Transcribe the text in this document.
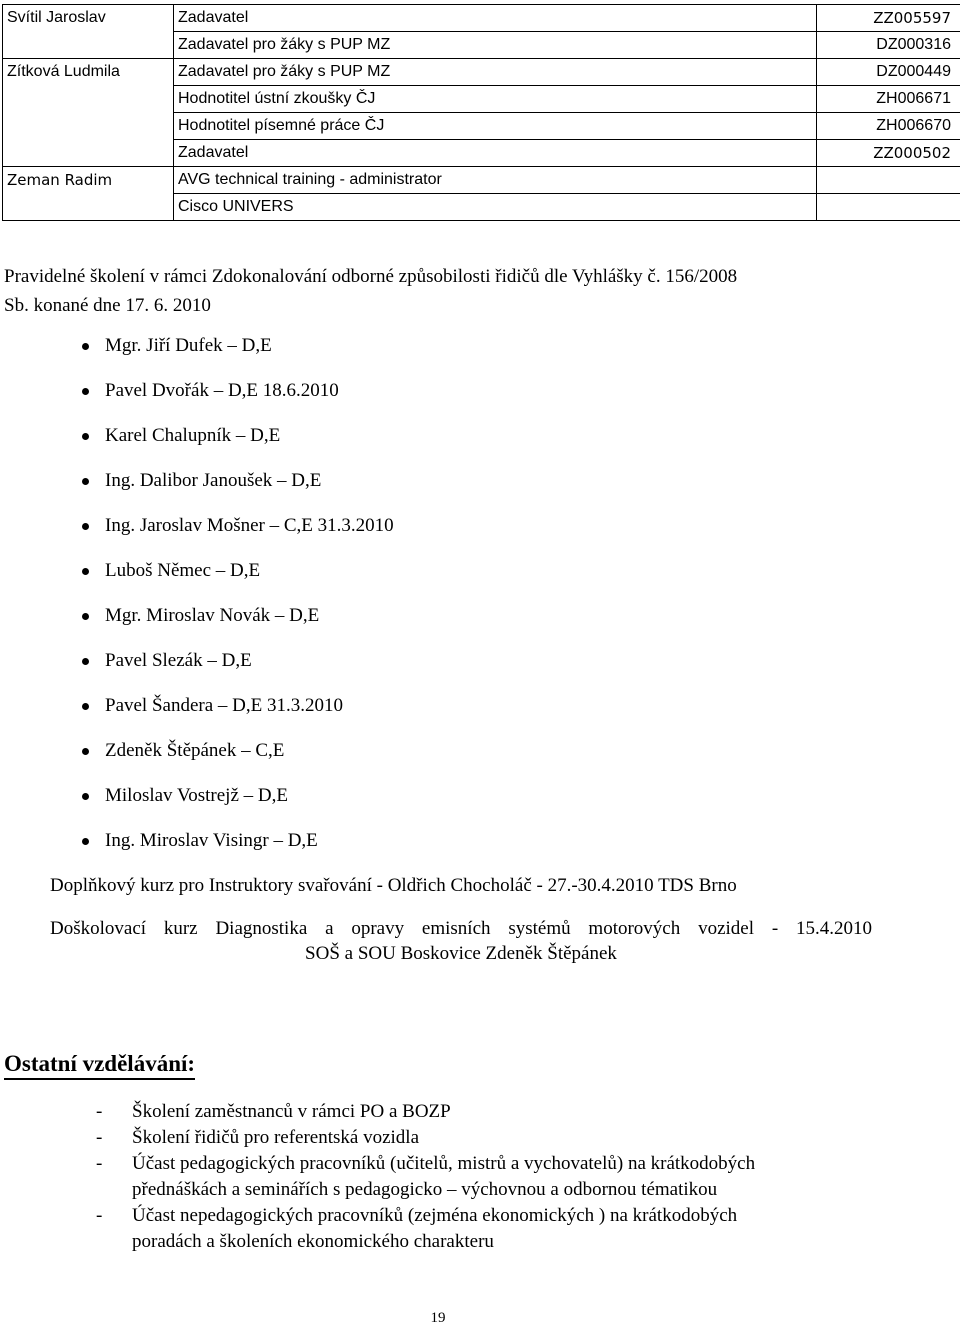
Svítil Jaroslav	Zadavatel	ZZ005597
	Zadavatel pro žáky s PUP MZ	DZ000316
Zítková Ludmila	Zadavatel pro žáky s PUP MZ	DZ000449
	Hodnotitel ústní zkoušky ČJ	ZH006671
	Hodnotitel písemné práce ČJ	ZH006670
	Zadavatel	ZZ000502
Zeman Radim	AVG technical training - administrator	
	Cisco UNIVERS	
Pravidelné školení v rámci Zdokonalování odborné způsobilosti řidičů dle Vyhlášky č. 156/2008
Sb. konané dne 17. 6. 2010
Mgr. Jiří Dufek – D,E
Pavel Dvořák – D,E 18.6.2010
Karel Chalupník – D,E
Ing. Dalibor Janoušek – D,E
Ing. Jaroslav Mošner – C,E 31.3.2010
Luboš Němec – D,E
Mgr. Miroslav Novák – D,E
Pavel Slezák – D,E
Pavel Šandera – D,E 31.3.2010
Zdeněk Štěpánek – C,E
Miloslav Vostrejž – D,E
Ing. Miroslav Visingr – D,E
Doplňkový kurz pro Instruktory svařování - Oldřich Chocholáč - 27.-30.4.2010 TDS Brno
Doškolovací kurz Diagnostika a opravy emisních systémů motorových vozidel - 15.4.2010
SOŠ a SOU Boskovice Zdeněk Štěpánek
Ostatní vzdělávání:
- Školení zaměstnanců v rámci PO a BOZP
- Školení řidičů pro referentská vozidla
- Účast pedagogických pracovníků (učitelů, mistrů a vychovatelů) na krátkodobých
přednáškách a seminářích s pedagogicko – výchovnou a odbornou tématikou
- Účast nepedagogických pracovníků (zejména ekonomických ) na krátkodobých
poradách a školeních ekonomického charakteru
19
